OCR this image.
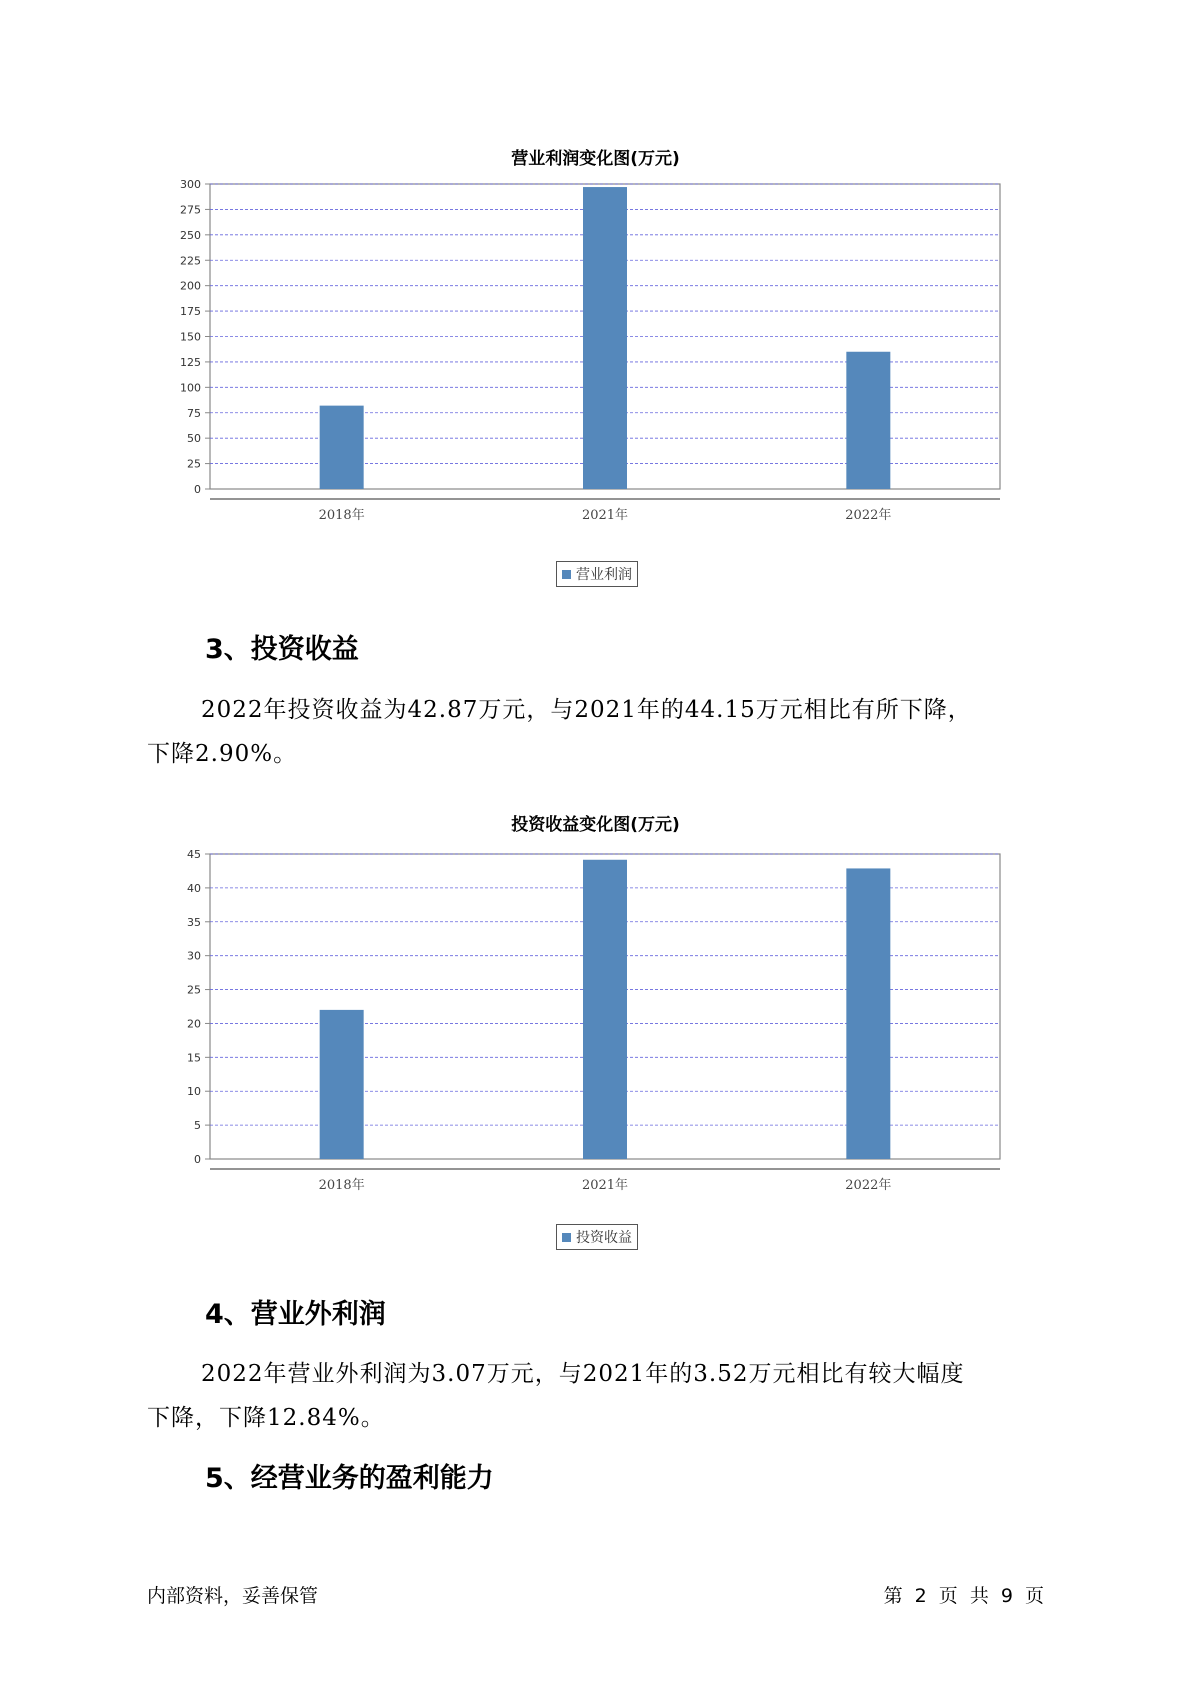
营业利润变化图(万元)
0
25
50
75
100
125
150
175
200
225
250
275
300
2018年	2021年	2022年
营业利润
3、投资收益
2022年投资收益为42.87万元，与2021年的44.15万元相比有所下降，
下降2.90%。
投资收益变化图(万元)
0
5
10
15
20
25
30
35
40
45
2018年	2021年	2022年
投资收益
4、营业外利润
2022年营业外利润为3.07万元，与2021年的3.52万元相比有较大幅度
下降，下降12.84%。
5、经营业务的盈利能力
内部资料，妥善保管	第 2 页 共 9 页
